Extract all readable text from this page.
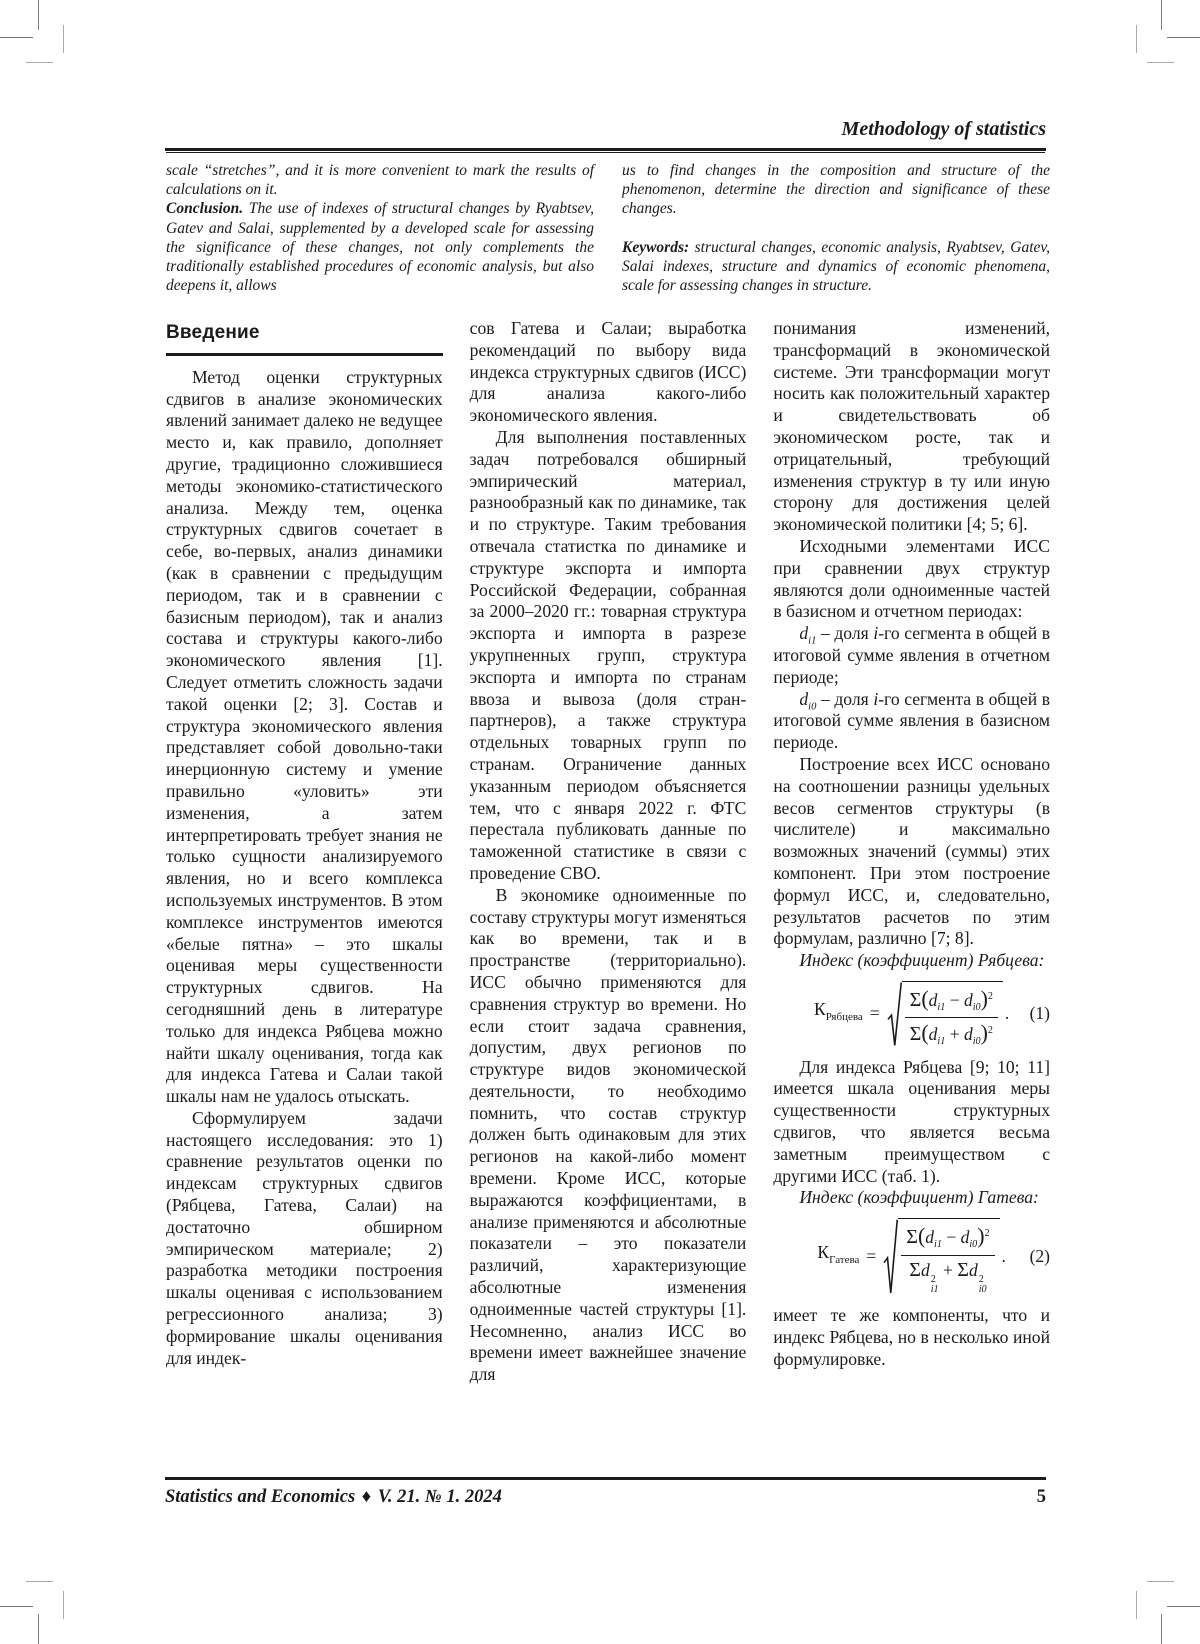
Methodology of statistics

scale “stretches”, and it is more convenient to mark the results of calculations on it.

Conclusion. The use of indexes of structural changes by Ryabtsev, Gatev and Salai, supplemented by a developed scale for assessing the significance of these changes, not only complements the traditionally established procedures of economic analysis, but also deepens it, allows

us to find changes in the composition and structure of the phenomenon, determine the direction and significance of these changes.

Keywords: structural changes, economic analysis, Ryabtsev, Gatev, Salai indexes, structure and dynamics of economic phenomena, scale for assessing changes in structure.

Введение

Метод оценки структурных сдвигов в анализе экономических явлений занимает далеко не ведущее место и, как правило, дополняет другие, традиционно сложившиеся методы экономико-статистического анализа. Между тем, оценка структурных сдвигов сочетает в себе, во-первых, анализ динамики (как в сравнении с предыдущим периодом, так и в сравнении с базисным периодом), так и анализ состава и структуры какого-либо экономического явления [1]. Следует отметить сложность задачи такой оценки [2; 3]. Состав и структура экономического явления представляет собой довольно-таки инерционную систему и умение правильно «уловить» эти изменения, а затем интерпретировать требует знания не только сущности анализируемого явления, но и всего комплекса используемых инструментов. В этом комплексе инструментов имеются «белые пятна» – это шкалы оценивая меры существенности структурных сдвигов. На сегодняшний день в литературе только для индекса Рябцева можно найти шкалу оценивания, тогда как для индекса Гатева и Салаи такой шкалы нам не удалось отыскать.

Сформулируем задачи настоящего исследования: это 1) сравнение результатов оценки по индексам структурных сдвигов (Рябцева, Гатева, Салаи) на достаточно обширном эмпирическом материале; 2) разработка методики построения шкалы оценивая с использованием регрессионного анализа; 3) формирование шкалы оценивания для индек-

сов Гатева и Салаи; выработка рекомендаций по выбору вида индекса структурных сдвигов (ИСС) для анализа какого-либо экономического явления.

Для выполнения поставленных задач потребовался обширный эмпирический материал, разнообразный как по динамике, так и по структуре. Таким требования отвечала статистка по динамике и структуре экспорта и импорта Российской Федерации, собранная за 2000–2020 гг.: товарная структура экспорта и импорта в разрезе укрупненных групп, структура экспорта и импорта по странам ввоза и вывоза (доля стран-партнеров), а также структура отдельных товарных групп по странам. Ограничение данных указанным периодом объясняется тем, что с января 2022 г. ФТС перестала публиковать данные по таможенной статистике в связи с проведение СВО.

В экономике одноименные по составу структуры могут изменяться как во времени, так и в пространстве (территориально). ИСС обычно применяются для сравнения структур во времени. Но если стоит задача сравнения, допустим, двух регионов по структуре видов экономической деятельности, то необходимо помнить, что состав структур должен быть одинаковым для этих регионов на какой-либо момент времени. Кроме ИСС, которые выражаются коэффициентами, в анализе применяются и абсолютные показатели – это показатели различий, характеризующие абсолютные изменения одноименные частей структуры [1]. Несомненно, анализ ИСС во времени имеет важнейшее значение для

понимания изменений, трансформаций в экономической системе. Эти трансформации могут носить как положительный характер и свидетельствовать об экономическом росте, так и отрицательный, требующий изменения структур в ту или иную сторону для достижения целей экономической политики [4; 5; 6].

Исходными элементами ИСС при сравнении двух структур являются доли одноименные частей в базисном и отчетном периодах:

$d_{i1}$ – доля i-го сегмента в общей в итоговой сумме явления в отчетном периоде;

$d_{i0}$ – доля i-го сегмента в общей в итоговой сумме явления в базисном периоде.

Построение всех ИСС основано на соотношении разницы удельных весов сегментов структуры (в числителе) и максимально возможных значений (суммы) этих компонент. При этом построение формул ИСС, и, следовательно, результатов расчетов по этим формулам, различно [7; 8].

Индекс (коэффициент) Рябцева:

$К_{Рябцева}$ =	$\frac{\Sigma(d_{i1} - d_{i0})^2}{\Sigma(d_{i1} + d_{i0})^2}$ . (1)

Для индекса Рябцева [9; 10; 11] имеется шкала оценивания меры существенности структурных сдвигов, что является весьма заметным преимуществом с другими ИСС (таб. 1).

Индекс (коэффициент) Гатева:

$К_{Гатева}$ =	$\Sigma(d_{i1} - d_{i0})^2$
Σd 2
i1
+ Σd 2
i0 . (2)

имеет те же компоненты, что и индекс Рябцева, но в несколько иной формулировке.

Statistics and Economics ♦ V. 21. № 1. 2024	5
